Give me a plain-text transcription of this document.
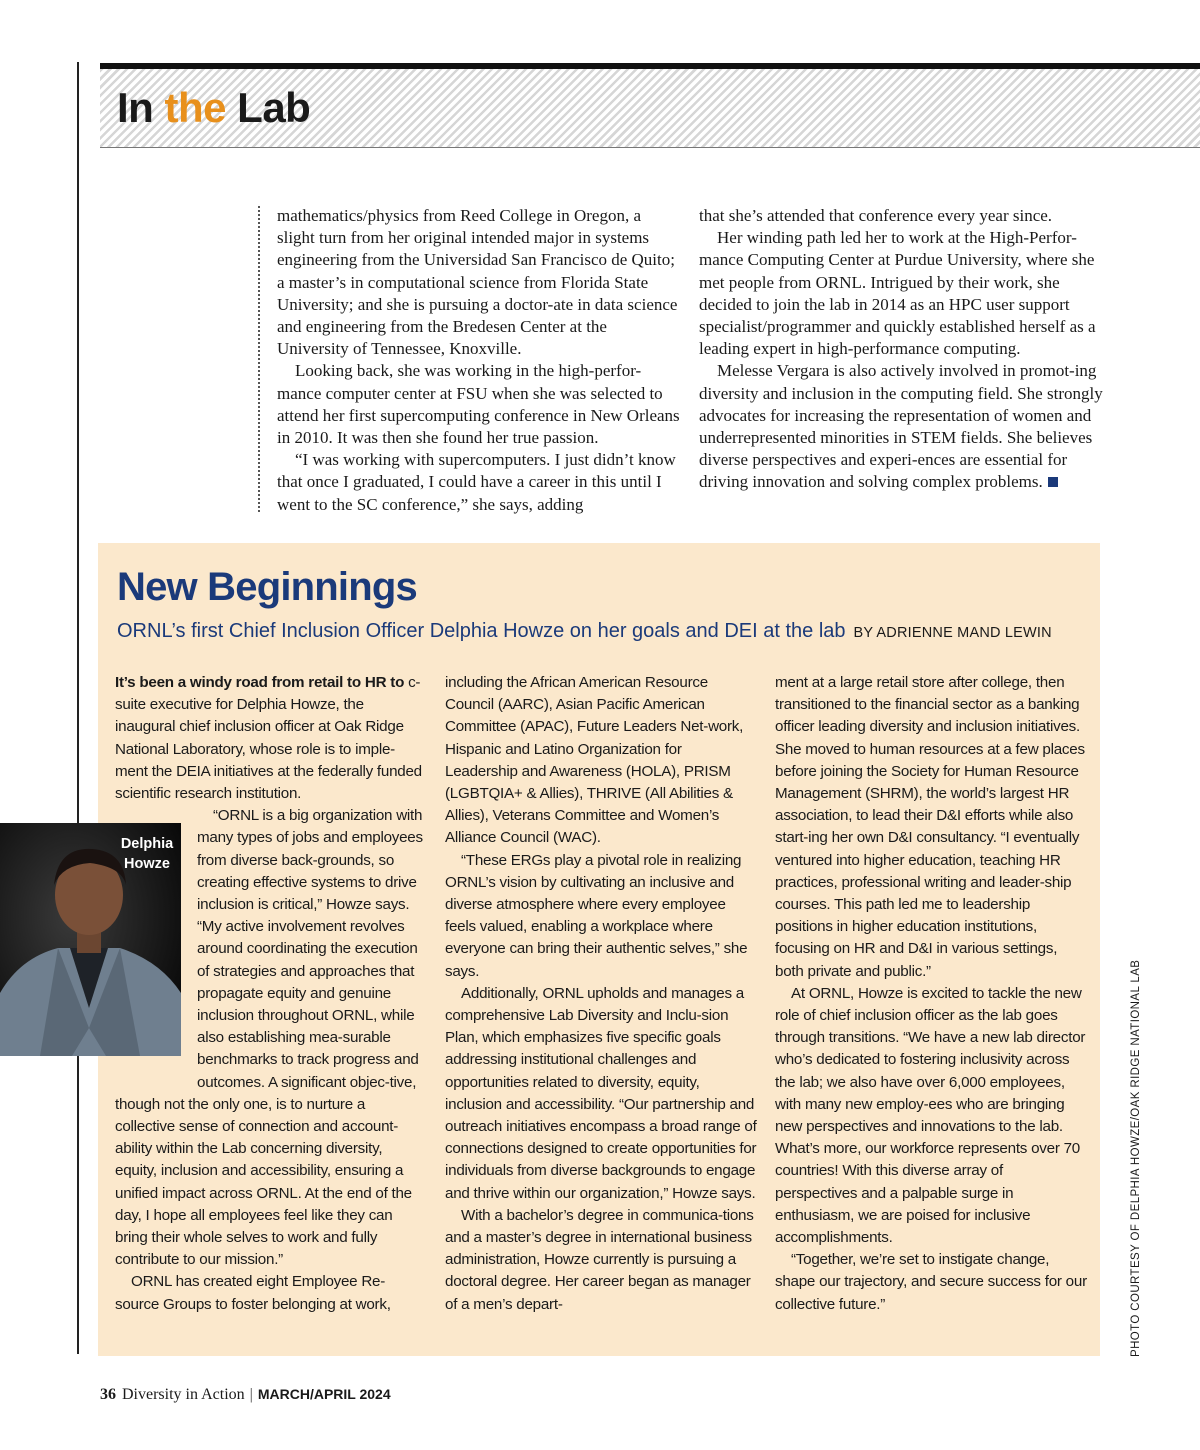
In the Lab

mathematics/physics from Reed College in Oregon, a slight turn from her original intended major in systems engineering from the Universidad San Francisco de Quito; a master’s in computational science from Florida State University; and she is pursuing a doctor-ate in data science and engineering from the Bredesen Center at the University of Tennessee, Knoxville.

Looking back, she was working in the high-perfor-mance computer center at FSU when she was selected to attend her first supercomputing conference in New Orleans in 2010. It was then she found her true passion.

“I was working with supercomputers. I just didn’t know that once I graduated, I could have a career in this until I went to the SC conference,” she says, adding

that she’s attended that conference every year since.

Her winding path led her to work at the High-Perfor-mance Computing Center at Purdue University, where she met people from ORNL. Intrigued by their work, she decided to join the lab in 2014 as an HPC user support specialist/programmer and quickly established herself as a leading expert in high-performance computing.

Melesse Vergara is also actively involved in promot-ing diversity and inclusion in the computing field. She strongly advocates for increasing the representation of women and underrepresented minorities in STEM fields. She believes diverse perspectives and experi-ences are essential for driving innovation and solving complex problems.

New Beginnings

ORNL’s first Chief Inclusion Officer Delphia Howze on her goals and DEI at the lab BY ADRIENNE MAND LEWIN

It’s been a windy road from retail to HR to c-suite executive for Delphia Howze, the inaugural chief inclusion officer at Oak Ridge National Laboratory, whose role is to imple-ment the DEIA initiatives at the federally funded scientific research institution.

“ORNL is a big organization with many types of jobs and employees from diverse back-grounds, so creating effective systems to drive inclusion is critical,” Howze says. “My active involvement revolves around coordinating the execution of strategies and approaches that propagate equity and genuine inclusion throughout ORNL, while also establishing mea-surable benchmarks to track progress and outcomes. A significant objec-tive, though not the only one, is to nurture a collective sense of connection and account-ability within the Lab concerning diversity, equity, inclusion and accessibility, ensuring a unified impact across ORNL. At the end of the day, I hope all employees feel like they can bring their whole selves to work and fully contribute to our mission.”

ORNL has created eight Employee Re-source Groups to foster belonging at work,

including the African American Resource Council (AARC), Asian Pacific American Committee (APAC), Future Leaders Net-work, Hispanic and Latino Organization for Leadership and Awareness (HOLA), PRISM (LGBTQIA+ & Allies), THRIVE (All Abilities & Allies), Veterans Committee and Women’s Alliance Council (WAC).

“These ERGs play a pivotal role in realizing ORNL’s vision by cultivating an inclusive and diverse atmosphere where every employee feels valued, enabling a workplace where everyone can bring their authentic selves,” she says.

Additionally, ORNL upholds and manages a comprehensive Lab Diversity and Inclu-sion Plan, which emphasizes five specific goals addressing institutional challenges and opportunities related to diversity, equity, inclusion and accessibility. “Our partnership and outreach initiatives encompass a broad range of connections designed to create opportunities for individuals from diverse backgrounds to engage and thrive within our organization,” Howze says.

With a bachelor’s degree in communica-tions and a master’s degree in international business administration, Howze currently is pursuing a doctoral degree. Her career began as manager of a men’s depart-

ment at a large retail store after college, then transitioned to the financial sector as a banking officer leading diversity and inclusion initiatives. She moved to human resources at a few places before joining the Society for Human Resource Management (SHRM), the world’s largest HR association, to lead their D&I efforts while also start-ing her own D&I consultancy. “I eventually ventured into higher education, teaching HR practices, professional writing and leader-ship courses. This path led me to leadership positions in higher education institutions, focusing on HR and D&I in various settings, both private and public.”

At ORNL, Howze is excited to tackle the new role of chief inclusion officer as the lab goes through transitions. “We have a new lab director who’s dedicated to fostering inclusivity across the lab; we also have over 6,000 employees, with many new employ-ees who are bringing new perspectives and innovations to the lab. What’s more, our workforce represents over 70 countries! With this diverse array of perspectives and a palpable surge in enthusiasm, we are poised for inclusive accomplishments.

“Together, we’re set to instigate change, shape our trajectory, and secure success for our collective future.”

Delphia Howze
PHOTO COURTESY OF DELPHIA HOWZE/OAK RIDGE NATIONAL LAB
36 Diversity in Action | MARCH/APRIL 2024
